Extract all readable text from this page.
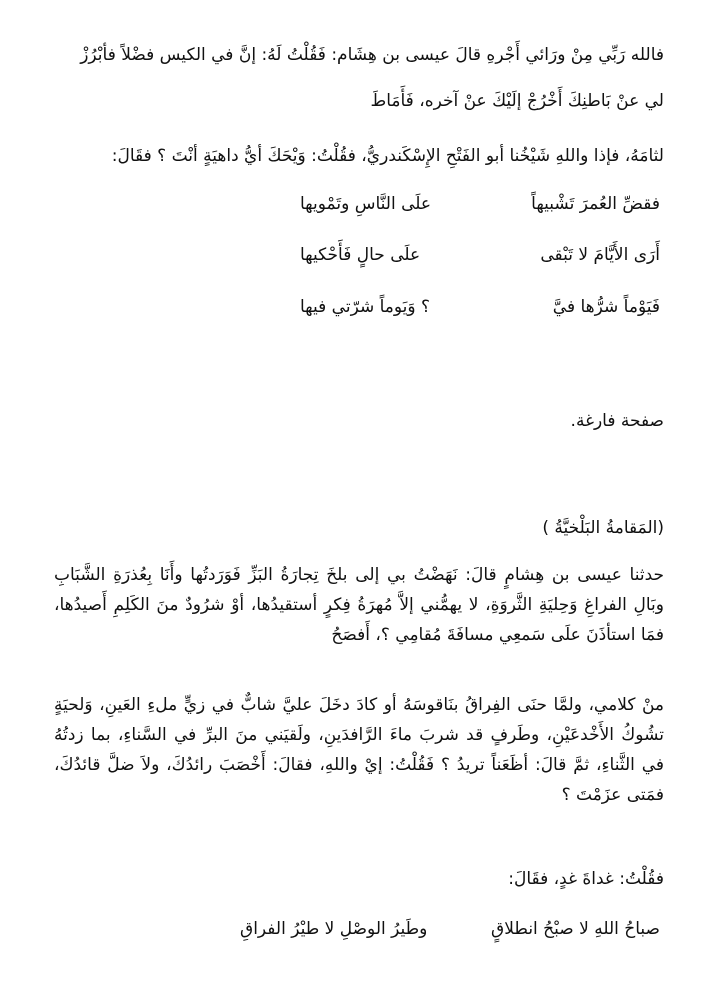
فالله رَبِّي مِنْ ورَائي أَجْرهِ قالَ عيسى بن هِشَام: فَقُلْتُ لَهُ: إنَّ في الكيس فضْلاً فأبْرُزْ
لي عنْ بَاطنِكَ أَخْرُجْ إلَيْكَ عنْ آخره، فَأَمَاطَ
لثامَهُ، فإذا واللهِ شَيْخُنا أبو الفَتْحِ الإِسْكَندريُّ، فقُلْتُ: وَيْحَكَ أيُّ داهيَةٍ أنْتَ ؟ فقَالَ:
فقضِّ العُمرَ تَشْبيهاً
علَى النَّاسِ وتَمْويها
أَرَى الأَيَّامَ لا تَبْقى
علَى حالٍ فَأَحْكيها
فَيَوْماً شرُّها فيَّ
؟ وَيَوماً شرّتي فيها
صفحة فارغة.
(المَقامةُ البَلْخيَّةُ )
حدثنا عيسى بن هِشامٍ قالَ: نَهَضْتُ بي إلى بلخَ تِجارَةُ البَزِّ فَوَرَدتُها وأَنَا بِعُذرَةِ الشَّبَابِ وبَالِ الفراغِ وَحِليَةِ الثَّروَةِ، لا يهمُّني إلاَّ مُهرَةُ فِكرٍ أستقيدُها، أوْ شرُودٌ منَ الكَلِمِ أَصيدُها، فمَا استأذَنَ علَى سَمعِي مسافَةَ مُقامِي ؟، أَفصَحُ
منْ كلامي، ولمَّا حنَى الفِراقُ بنَاقوسَهُ أو كادَ دخَلَ عليَّ شابٌّ في زيٍّ ملءِ العَينِ، وَلحيَةٍ تشُوكُ الأَخْدعَيْنِ، وطَرفٍ قد شربَ ماءَ الرَّافدَينِ، ولَقيَني منَ البرِّ في السَّناءِ، بما زدتُهُ في الثَّناءِ، ثمَّ قالَ: أظَعَناً تريدُ ؟ فَقُلْتُ: إيْ واللهِ، فقالَ: أَخْصَبَ رائدُكَ، ولاَ ضلَّ قائدُكَ، فمَتى عزَمْتَ ؟
فقُلْتُ: غداةَ غدٍ، فقَالَ:
صباحُ اللهِ لا صبْحُ انطلاقٍ
وطَيرُ الوصْلِ لا طيْرُ الفراقِ
